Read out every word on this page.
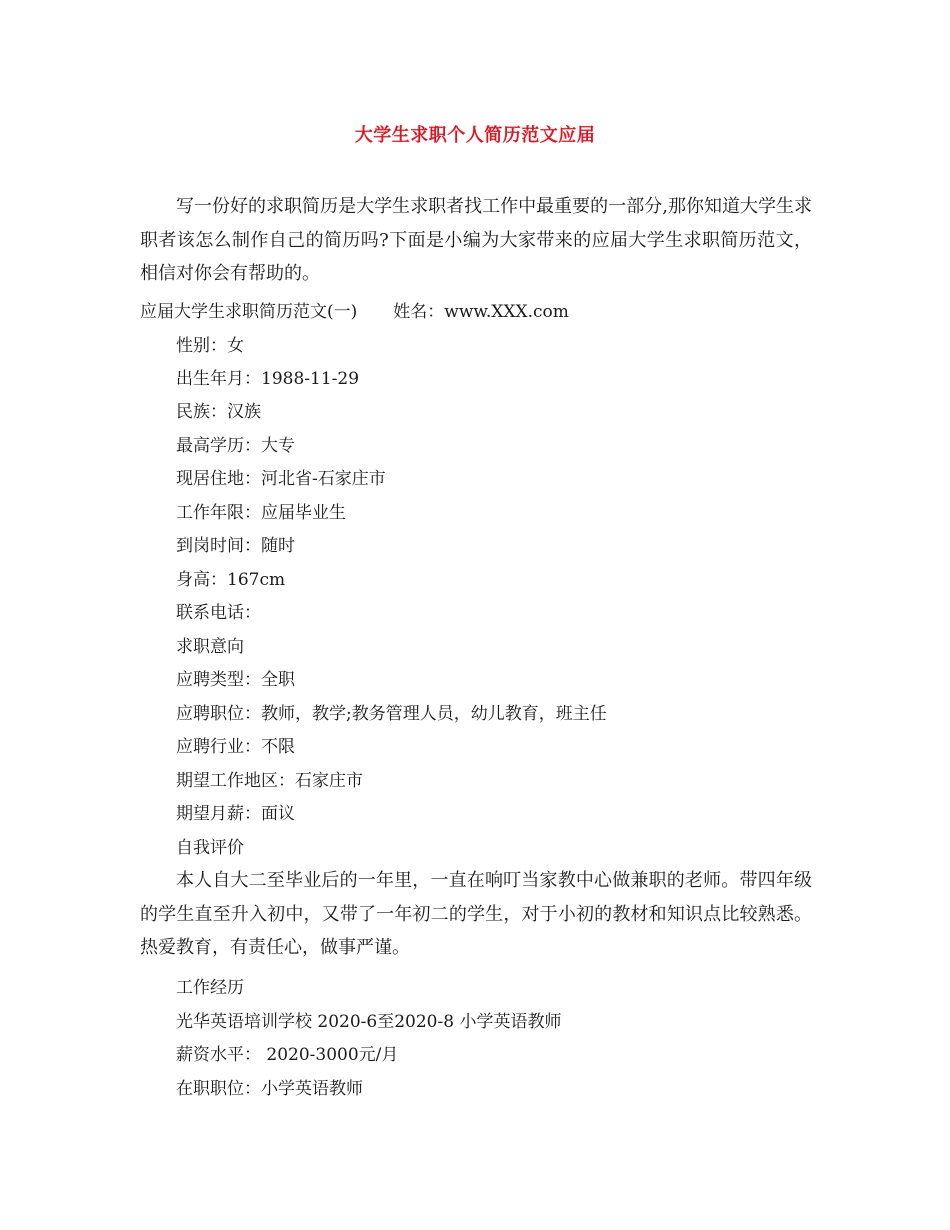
大学生求职个人简历范文应届
写一份好的求职简历是大学生求职者找工作中最重要的一部分,那你知道大学生求职者该怎么制作自己的简历吗?下面是小编为大家带来的应届大学生求职简历范文，相信对你会有帮助的。
应届大学生求职简历范文(一) 姓名：www.XXX.com
性别：女
出生年月：1988-11-29
民族：汉族
最高学历：大专
现居住地：河北省-石家庄市
工作年限：应届毕业生
到岗时间：随时
身高：167cm
联系电话：
求职意向
应聘类型：全职
应聘职位：教师，教学;教务管理人员，幼儿教育，班主任
应聘行业：不限
期望工作地区：石家庄市
期望月薪：面议
自我评价
本人自大二至毕业后的一年里，一直在响叮当家教中心做兼职的老师。带四年级的学生直至升入初中，又带了一年初二的学生，对于小初的教材和知识点比较熟悉。热爱教育，有责任心，做事严谨。
工作经历
光华英语培训学校 2020-6至2020-8 小学英语教师
薪资水平： 2020-3000元/月
在职职位：小学英语教师
